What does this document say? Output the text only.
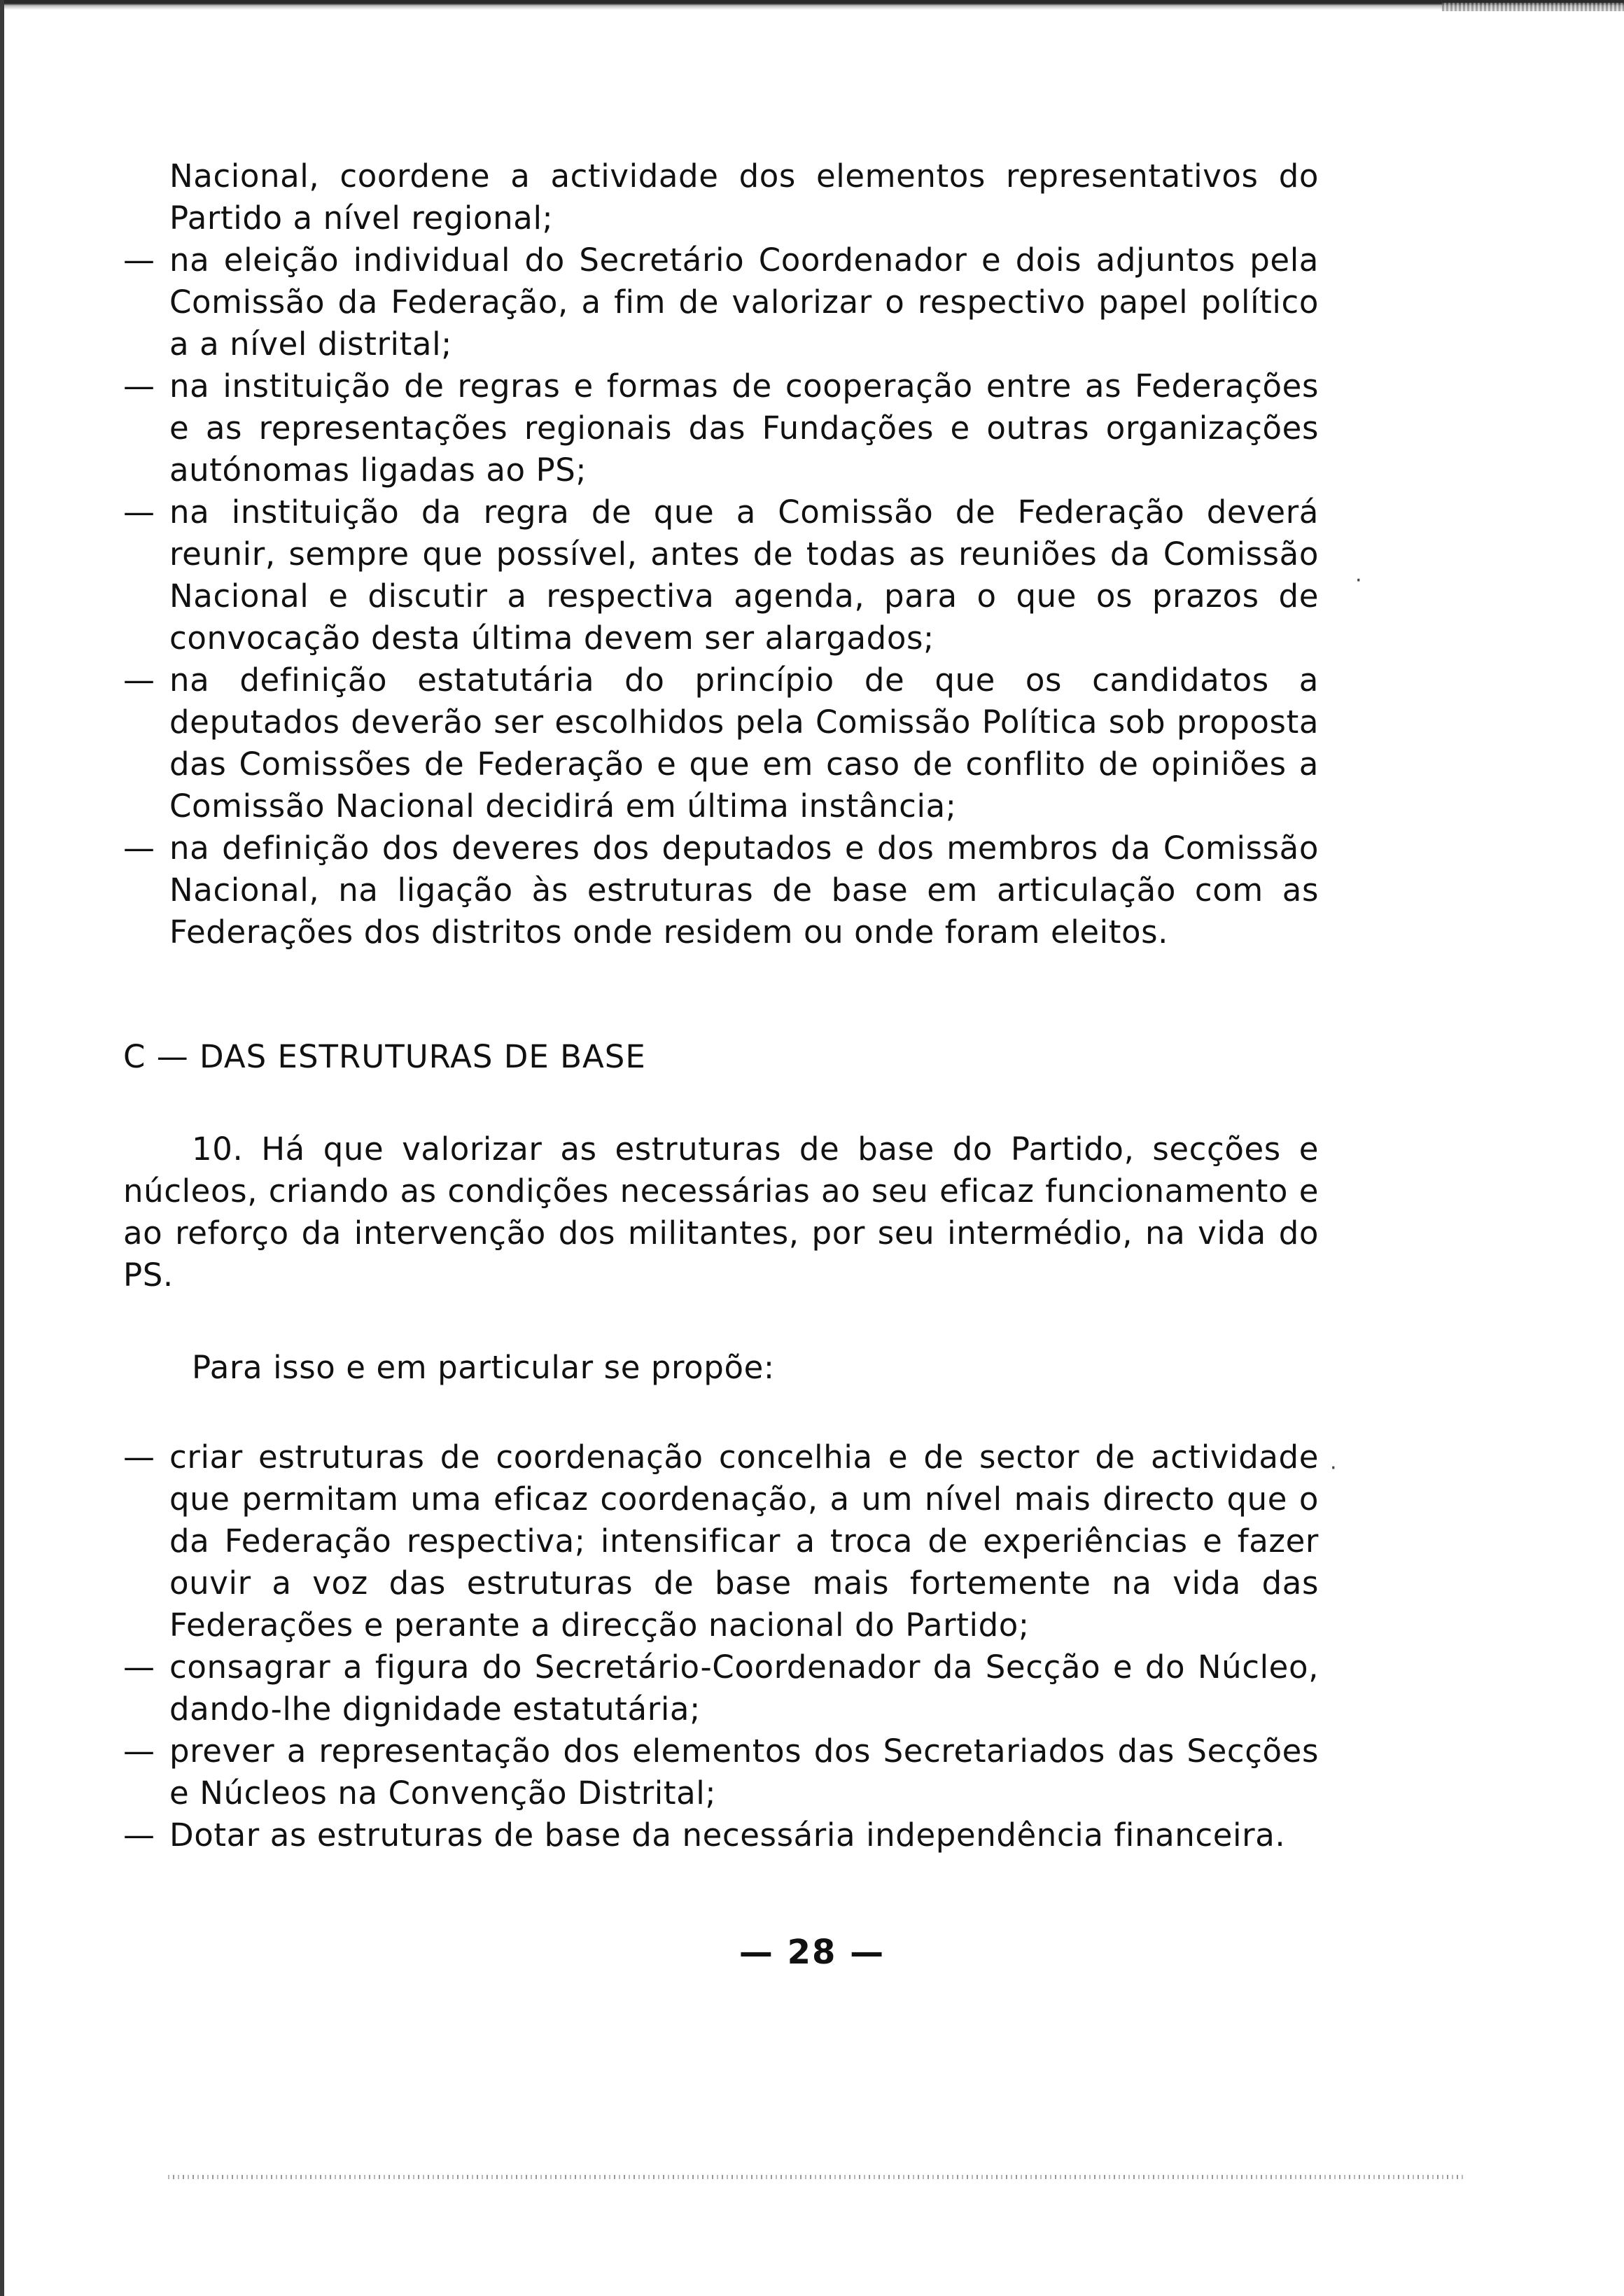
Nacional, coordene a actividade dos elementos representativos do Partido a nível regional;

— na eleição individual do Secretário Coordenador e dois adjuntos pela Comissão da Federação, a fim de valorizar o respectivo papel político a a nível distrital;
— na instituição de regras e formas de cooperação entre as Federações e as representações regionais das Fundações e outras organizações autónomas ligadas ao PS;
— na instituição da regra de que a Comissão de Federação deverá reunir, sempre que possível, antes de todas as reuniões da Comissão Nacional e discutir a respectiva agenda, para o que os prazos de convocação desta última devem ser alargados;
— na definição estatutária do princípio de que os candidatos a deputados deverão ser escolhidos pela Comissão Política sob proposta das Comissões de Federação e que em caso de conflito de opiniões a Comissão Nacional decidirá em última instância;
— na definição dos deveres dos deputados e dos membros da Comissão Nacional, na ligação às estruturas de base em articulação com as Federações dos distritos onde residem ou onde foram eleitos.

C — DAS ESTRUTURAS DE BASE

10. Há que valorizar as estruturas de base do Partido, secções e núcleos, criando as condições necessárias ao seu eficaz funcionamento e ao reforço da intervenção dos militantes, por seu intermédio, na vida do PS.

Para isso e em particular se propõe:

— criar estruturas de coordenação concelhia e de sector de actividade que permitam uma eficaz coordenação, a um nível mais directo que o da Federação respectiva; intensificar a troca de experiências e fazer ouvir a voz das estruturas de base mais fortemente na vida das Federações e perante a direcção nacional do Partido;
— consagrar a figura do Secretário-Coordenador da Secção e do Núcleo, dando-lhe dignidade estatutária;
— prever a representação dos elementos dos Secretariados das Secções e Núcleos na Convenção Distrital;
— Dotar as estruturas de base da necessária independência financeira.
— 28 —
·
·
